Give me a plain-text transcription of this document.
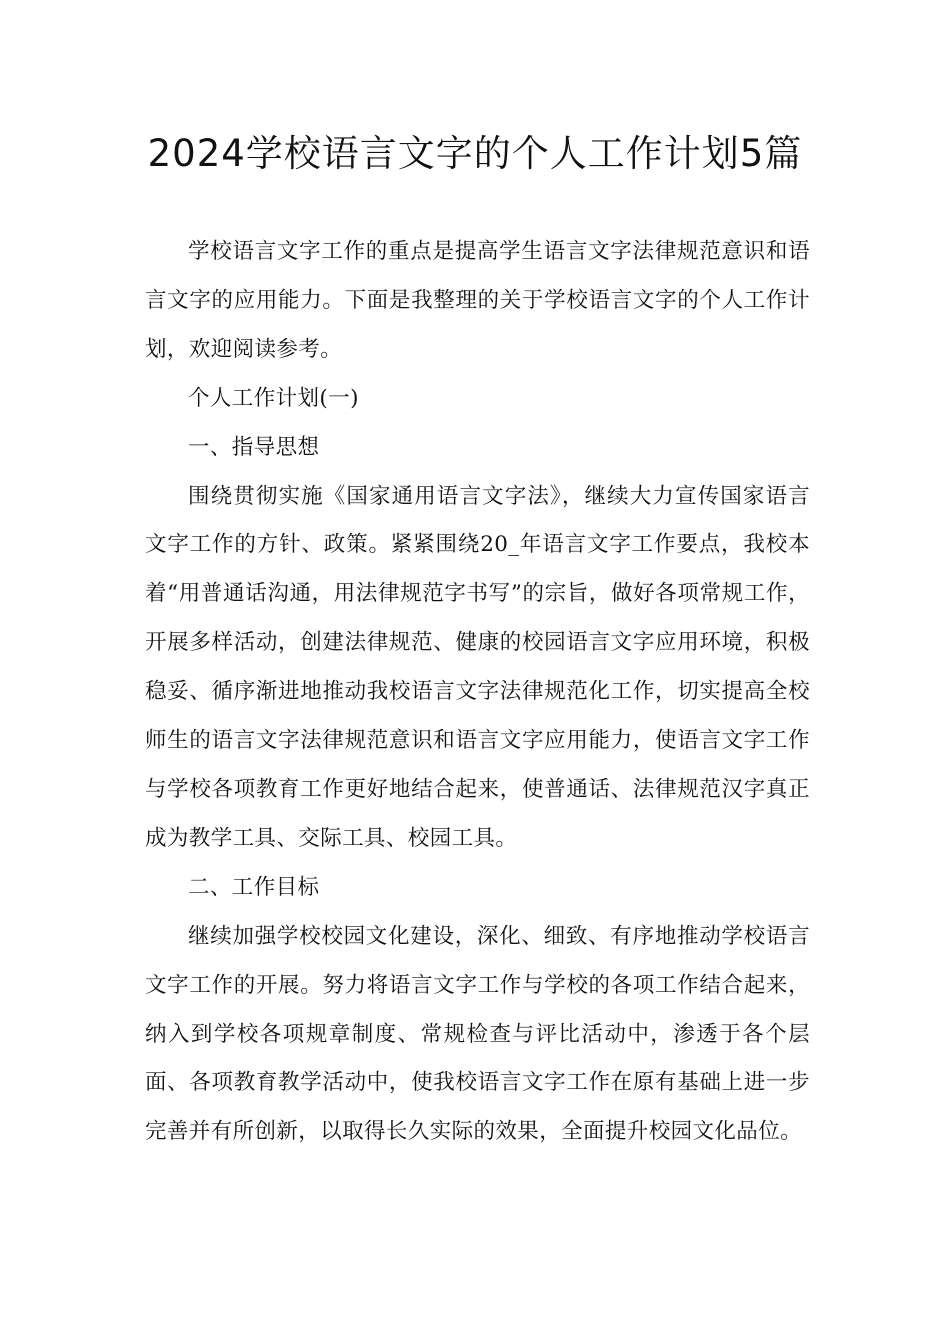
2024学校语言文字的个人工作计划5篇

学校语言文字工作的重点是提高学生语言文字法律规范意识和语言文字的应用能力。下面是我整理的关于学校语言文字的个人工作计划，欢迎阅读参考。

个人工作计划(一)

一、指导思想

围绕贯彻实施《国家通用语言文字法》，继续大力宣传国家语言文字工作的方针、政策。紧紧围绕20_年语言文字工作要点，我校本着“用普通话沟通，用法律规范字书写”的宗旨，做好各项常规工作，开展多样活动，创建法律规范、健康的校园语言文字应用环境，积极稳妥、循序渐进地推动我校语言文字法律规范化工作，切实提高全校师生的语言文字法律规范意识和语言文字应用能力，使语言文字工作与学校各项教育工作更好地结合起来，使普通话、法律规范汉字真正成为教学工具、交际工具、校园工具。

二、工作目标

继续加强学校校园文化建设，深化、细致、有序地推动学校语言文字工作的开展。努力将语言文字工作与学校的各项工作结合起来，纳入到学校各项规章制度、常规检查与评比活动中，渗透于各个层面、各项教育教学活动中，使我校语言文字工作在原有基础上进一步完善并有所创新，以取得长久实际的效果，全面提升校园文化品位。
